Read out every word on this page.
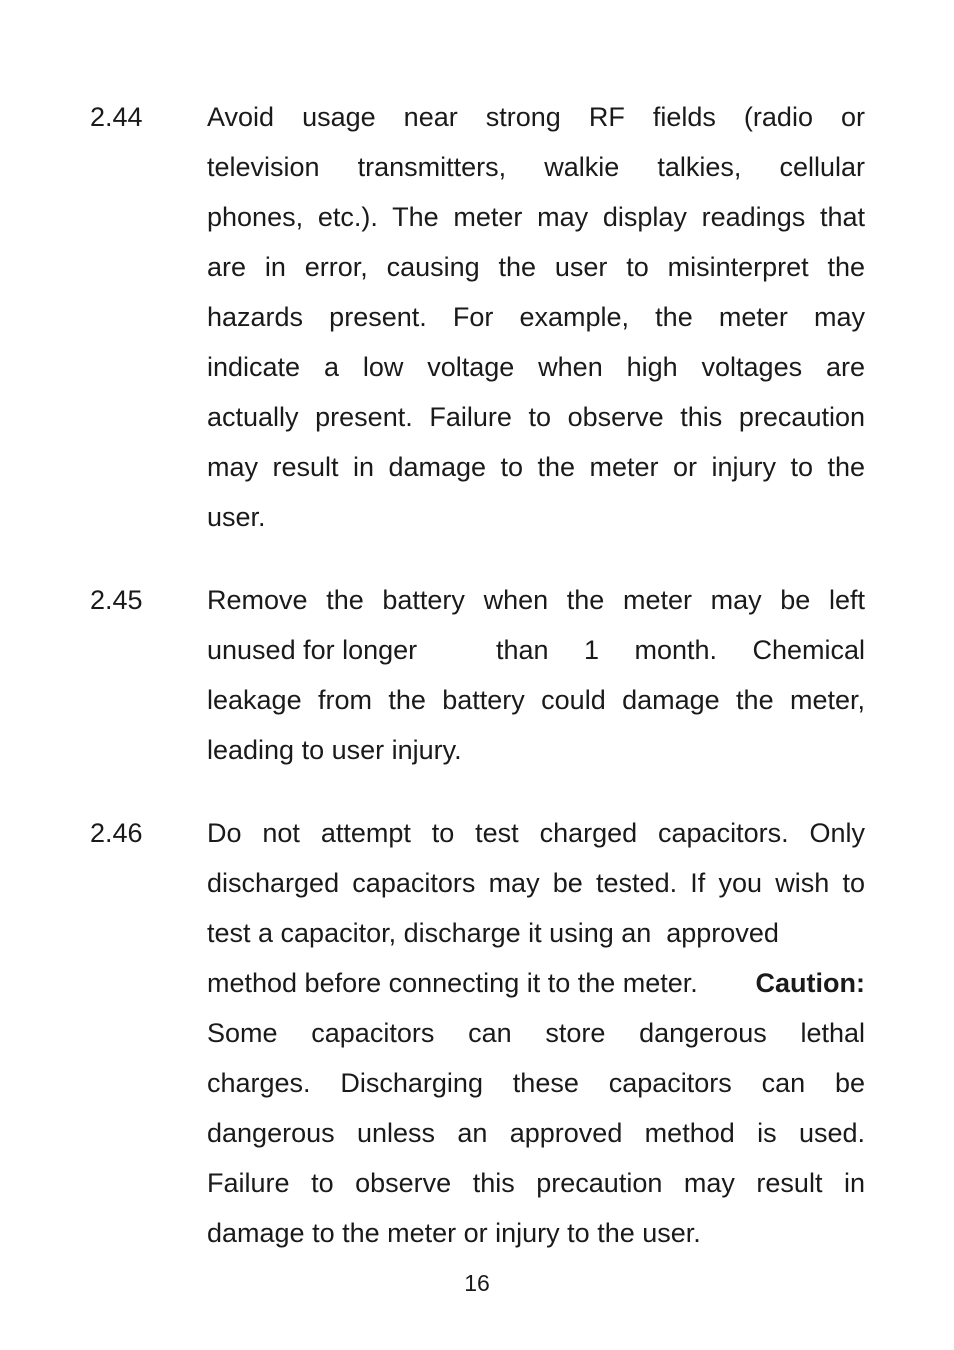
2.44 Avoid usage near strong RF fields (radio or
television transmitters, walkie talkies, cellular
phones, etc.). The meter may display readings that
are in error, causing the user to misinterpret the
hazards present. For example, the meter may
indicate a low voltage when high voltages are
actually present. Failure to observe this precaution
may result in damage to the meter or injury to the
user.
2.45 Remove the battery when the meter may be left
unused for longer	than 1 month. Chemical
leakage from the battery could damage the meter,
leading to user injury.
2.46 Do not attempt to test charged capacitors. Only
discharged capacitors may be tested. If you wish to
test a capacitor, discharge it using an  approved
method before connecting it to the meter. Caution:
Some capacitors can store dangerous lethal
charges. Discharging these capacitors can be
dangerous unless an approved method is used.
Failure to observe this precaution may result in
damage to the meter or injury to the user.
16
